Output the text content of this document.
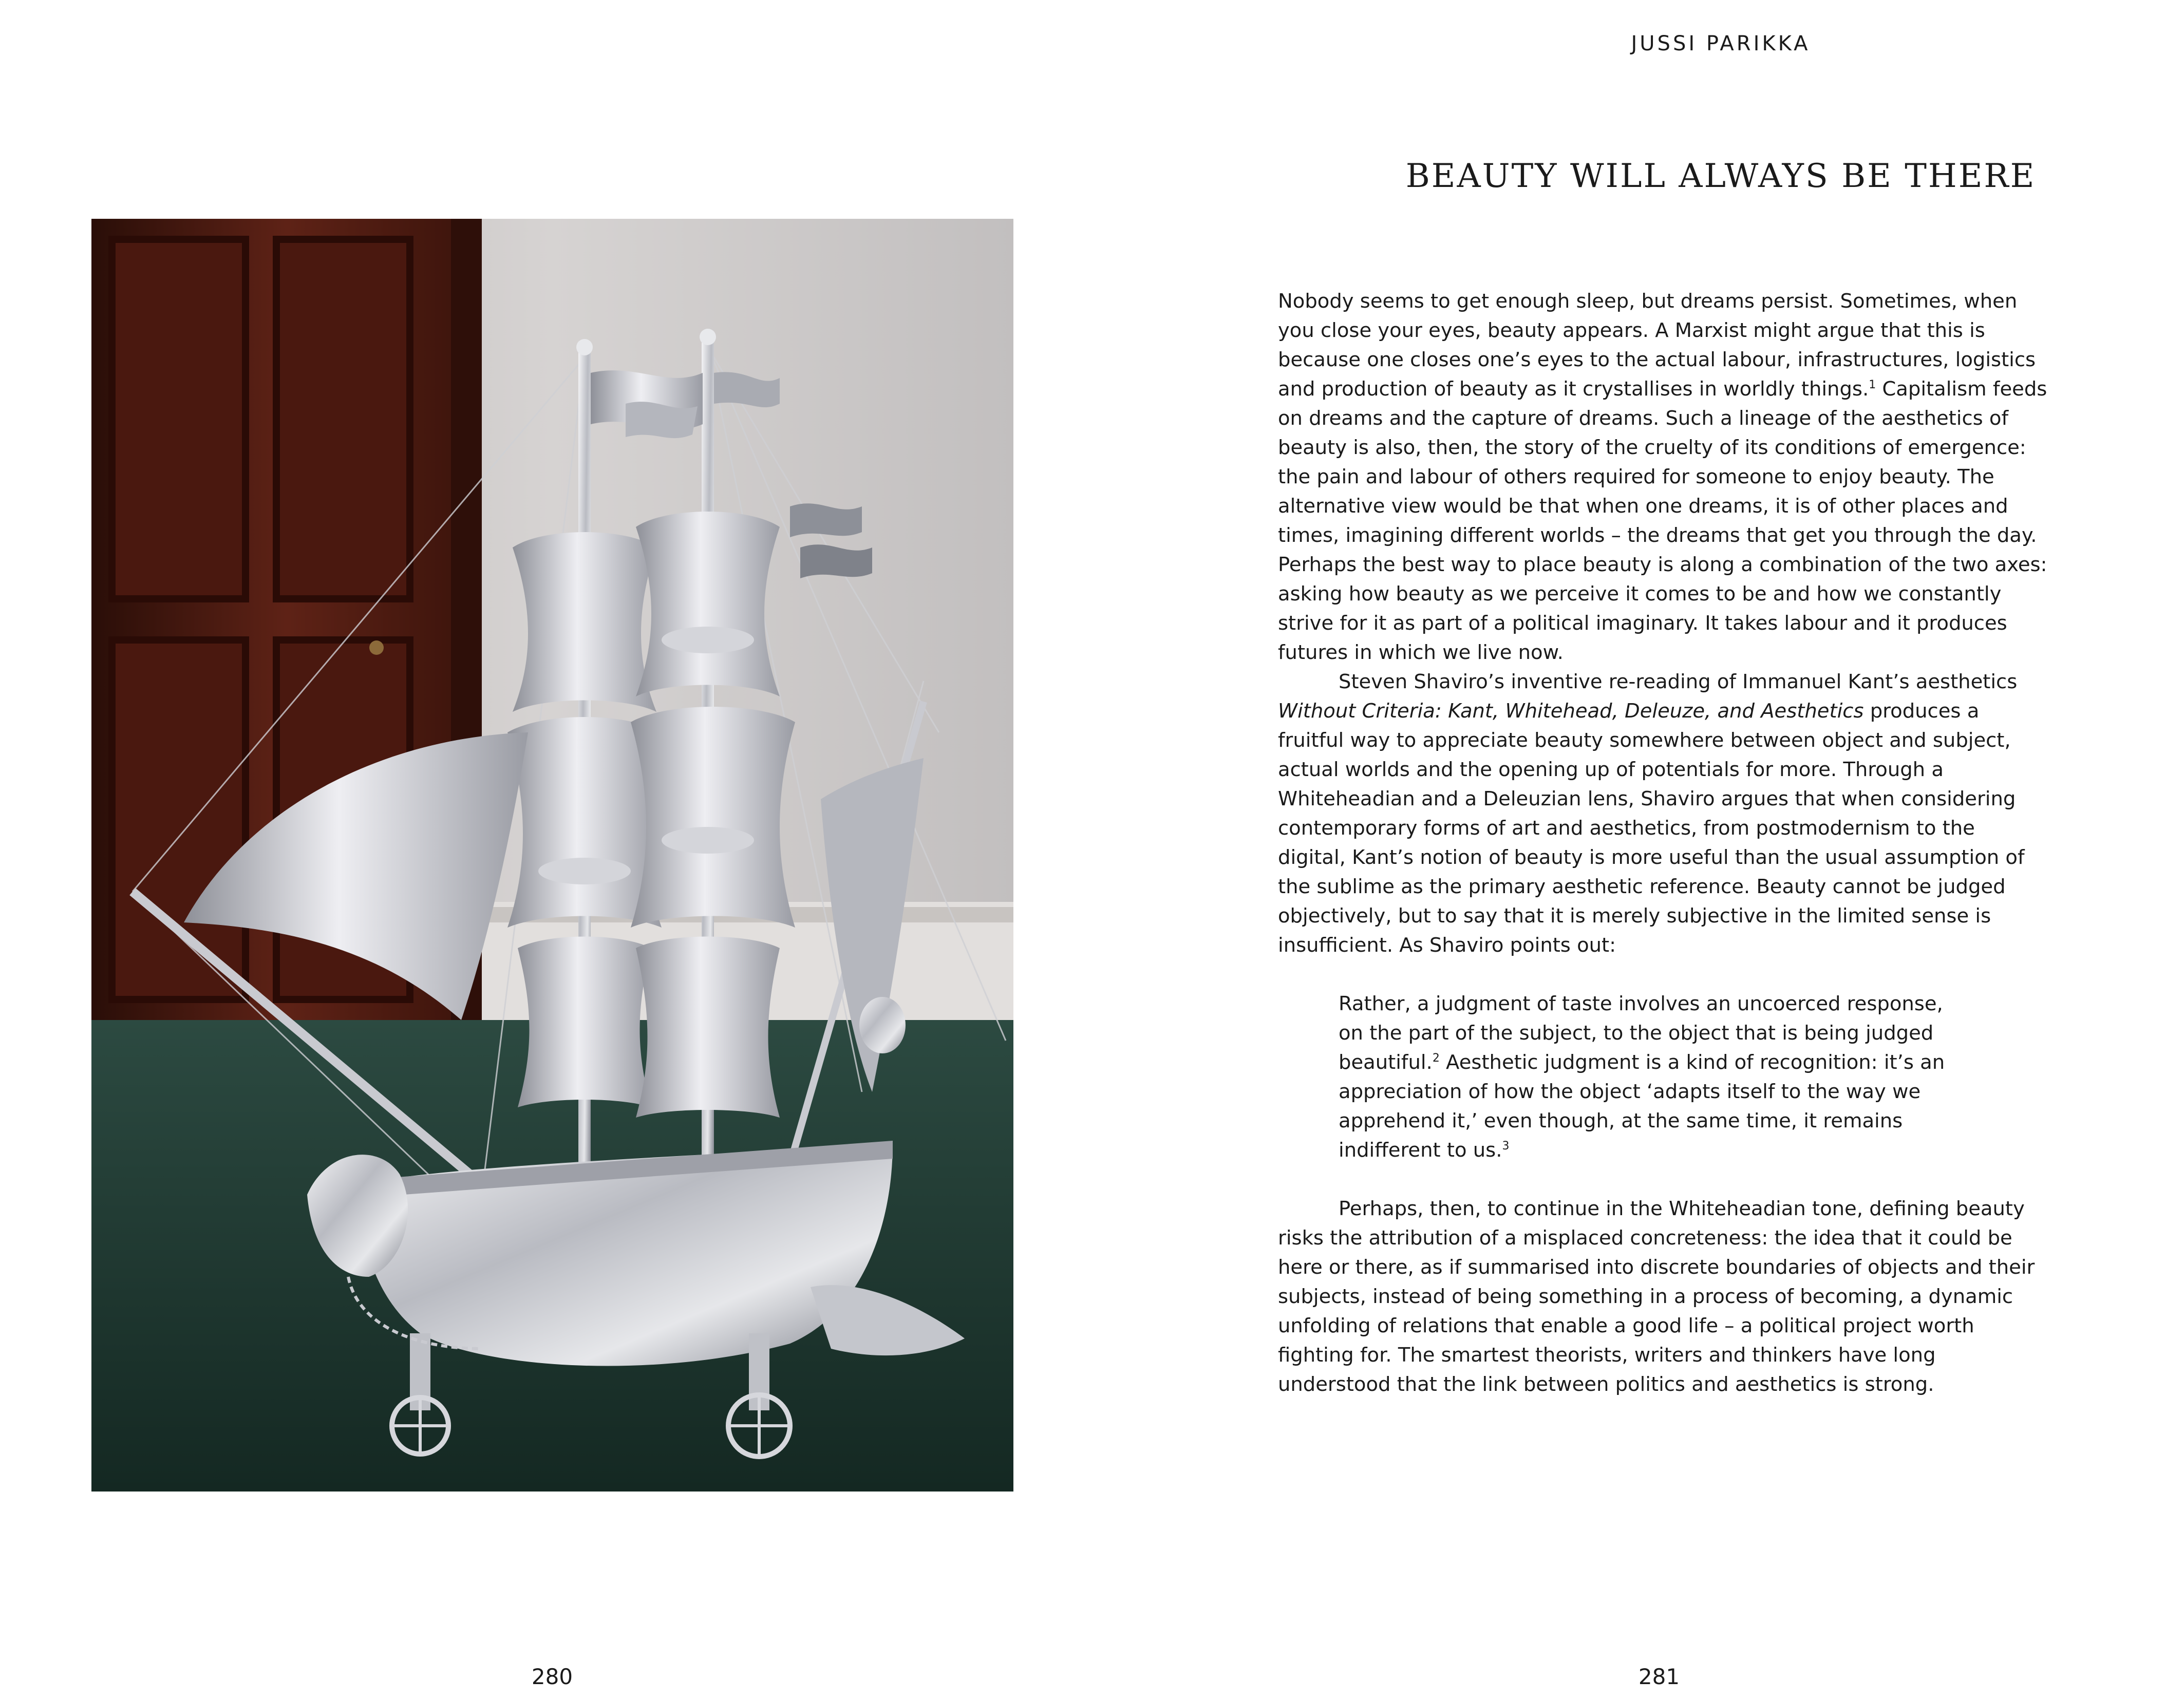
JUSSI PARIKKA
BEAUTY WILL ALWAYS BE THERE

Nobody seems to get enough sleep, but dreams persist. Sometimes, when you close your eyes, beauty appears. A Marxist might argue that this is because one closes one’s eyes to the actual labour, infrastructures, logistics and production of beauty as it crystallises in worldly things.$^1$ Capitalism feeds on dreams and the capture of dreams. Such a lineage of the aesthetics of beauty is also, then, the story of the cruelty of its conditions of emergence: the pain and labour of others required for someone to enjoy beauty. The alternative view would be that when one dreams, it is of other places and times, imagining different worlds – the dreams that get you through the day. Perhaps the best way to place beauty is along a combination of the two axes: asking how beauty as we perceive it comes to be and how we constantly strive for it as part of a political imaginary. It takes labour and it produces futures in which we live now.

Steven Shaviro’s inventive re-reading of Immanuel Kant’s aesthetics Without Criteria: Kant, Whitehead, Deleuze, and Aesthetics produces a fruitful way to appreciate beauty somewhere between object and subject, actual worlds and the opening up of potentials for more. Through a Whiteheadian and a Deleuzian lens, Shaviro argues that when considering contemporary forms of art and aesthetics, from postmodernism to the digital, Kant’s notion of beauty is more useful than the usual assumption of the sublime as the primary aesthetic reference. Beauty cannot be judged objectively, but to say that it is merely subjective in the limited sense is insufficient. As Shaviro points out:

Rather, a judgment of taste involves an uncoerced response, on the part of the subject, to the object that is being judged beautiful.$^2$ Aesthetic judgment is a kind of recognition: it’s an appreciation of how the object ‘adapts itself to the way we apprehend it,’ even though, at the same time, it remains indifferent to us.$^3$

Perhaps, then, to continue in the Whiteheadian tone, defining beauty risks the attribution of a misplaced concreteness: the idea that it could be here or there, as if summarised into discrete boundaries of objects and their subjects, instead of being something in a process of becoming, a dynamic unfolding of relations that enable a good life – a political project worth fighting for. The smartest theorists, writers and thinkers have long understood that the link between politics and aesthetics is strong.

280	281
